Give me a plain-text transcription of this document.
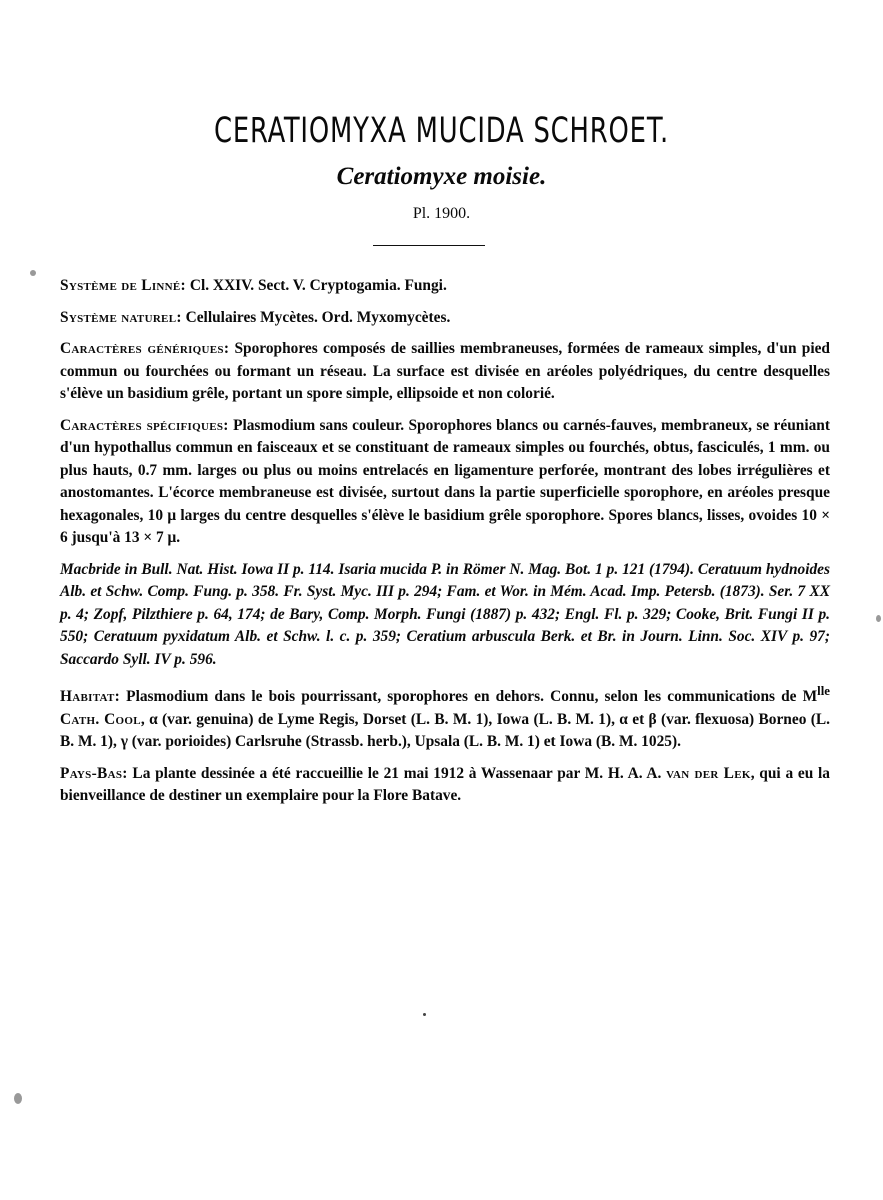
CERATIOMYXA MUCIDA SCHROET.
Ceratiomyxe moisie.
Pl. 1900.

Système de Linné: Cl. XXIV. Sect. V. Cryptogamia. Fungi.

Système naturel: Cellulaires Mycètes. Ord. Myxomycètes.

Caractères génériques: Sporophores composés de saillies membraneuses, formées de rameaux simples, d'un pied commun ou fourchées ou formant un réseau. La surface est divisée en aréoles polyédriques, du centre desquelles s'élève un basidium grêle, portant un spore simple, ellipsoide et non colorié.

Caractères spécifiques: Plasmodium sans couleur. Sporophores blancs ou carnés-fauves, membraneux, se réuniant d'un hypothallus commun en faisceaux et se constituant de rameaux simples ou fourchés, obtus, fasciculés, 1 mm. ou plus hauts, 0.7 mm. larges ou plus ou moins entrelacés en ligamenture perforée, montrant des lobes irrégulières et anostomantes. L'écorce membraneuse est divisée, surtout dans la partie superficielle sporophore, en aréoles presque hexagonales, 10 μ larges du centre desquelles s'élève le basidium grêle sporophore. Spores blancs, lisses, ovoides 10 × 6 jusqu'à 13 × 7 μ.

Macbride in Bull. Nat. Hist. Iowa II p. 114. Isaria mucida P. in Römer N. Mag. Bot. 1 p. 121 (1794). Ceratuum hydnoides Alb. et Schw. Comp. Fung. p. 358. Fr. Syst. Myc. III p. 294; Fam. et Wor. in Mém. Acad. Imp. Petersb. (1873). Ser. 7 XX p. 4; Zopf, Pilzthiere p. 64, 174; de Bary, Comp. Morph. Fungi (1887) p. 432; Engl. Fl. p. 329; Cooke, Brit. Fungi II p. 550; Ceratuum pyxidatum Alb. et Schw. l. c. p. 359; Ceratium arbuscula Berk. et Br. in Journ. Linn. Soc. XIV p. 97; Saccardo Syll. IV p. 596.

Habitat: Plasmodium dans le bois pourrissant, sporophores en dehors. Connu, selon les communications de $M^{lle}$ Cath. Cool, α (var. genuina) de Lyme Regis, Dorset (L. B. M. 1), Iowa (L. B. M. 1), α et β (var. flexuosa) Borneo (L. B. M. 1), γ (var. porioides) Carlsruhe (Strassb. herb.), Upsala (L. B. M. 1) et Iowa (B. M. 1025).

Pays-Bas: La plante dessinée a été raccueillie le 21 mai 1912 à Wassenaar par M. H. A. A. van der Lek, qui a eu la bienveillance de destiner un exemplaire pour la Flore Batave.
